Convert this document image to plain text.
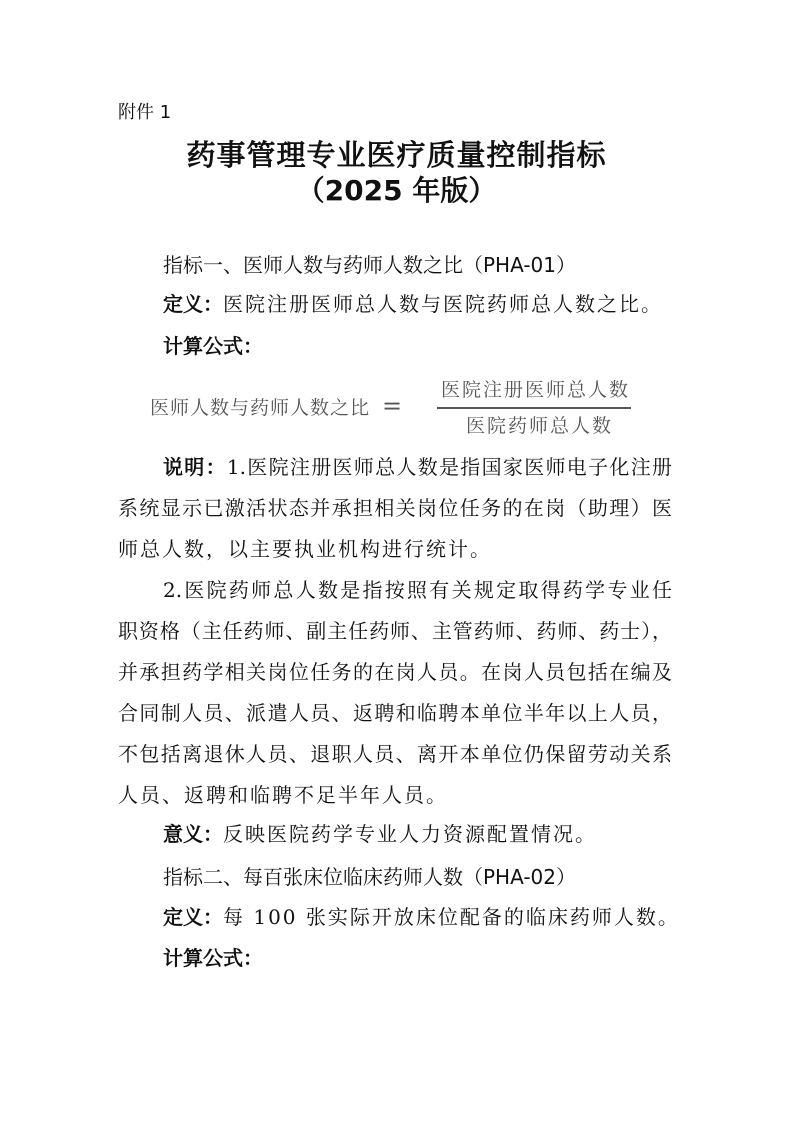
附件 1
药事管理专业医疗质量控制指标
（2025 年版）
指标一、医师人数与药师人数之比（PHA-01）
定义：医院注册医师总人数与医院药师总人数之比。
计算公式：
医师人数与药师人数之比 =
医院注册医师总人数
医院药师总人数
说明：1.医院注册医师总人数是指国家医师电子化注册
系统显示已激活状态并承担相关岗位任务的在岗（助理）医
师总人数，以主要执业机构进行统计。
2.医院药师总人数是指按照有关规定取得药学专业任
职资格（主任药师、副主任药师、主管药师、药师、药士），
并承担药学相关岗位任务的在岗人员。在岗人员包括在编及
合同制人员、派遣人员、返聘和临聘本单位半年以上人员，
不包括离退休人员、退职人员、离开本单位仍保留劳动关系
人员、返聘和临聘不足半年人员。
意义：反映医院药学专业人力资源配置情况。
指标二、每百张床位临床药师人数（PHA-02）
定义：每 100 张实际开放床位配备的临床药师人数。
计算公式：
